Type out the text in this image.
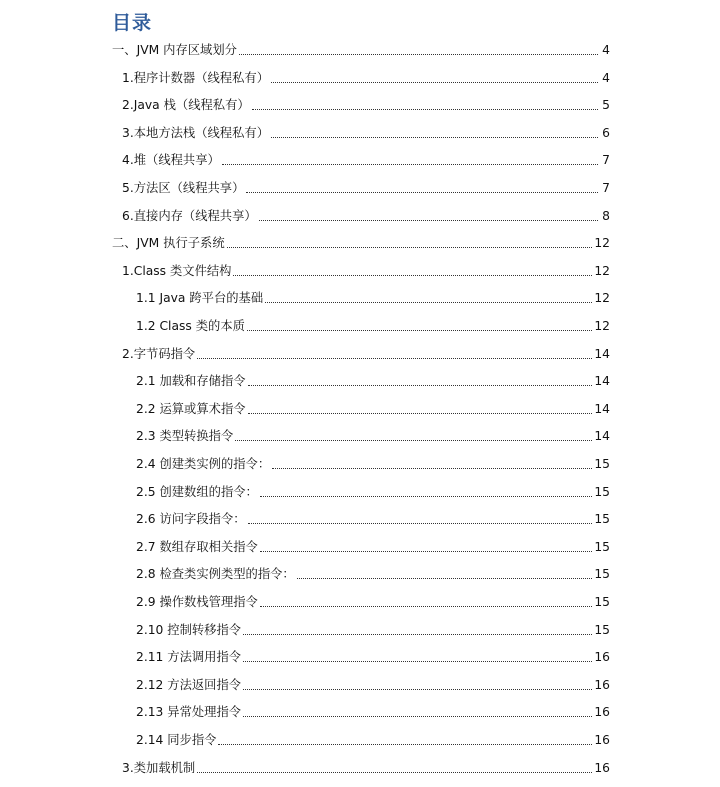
目录
一、JVM 内存区域划分	4
1.程序计数器（线程私有）	4
2.Java 栈（线程私有）	5
3.本地方法栈（线程私有）	6
4.堆（线程共享）	7
5.方法区（线程共享）	7
6.直接内存（线程共享）	8
二、JVM 执行子系统	12
1.Class 类文件结构	12
1.1 Java 跨平台的基础	12
1.2 Class 类的本质	12
2.字节码指令	14
2.1 加载和存储指令	14
2.2 运算或算术指令	14
2.3 类型转换指令	14
2.4 创建类实例的指令：	15
2.5 创建数组的指令：	15
2.6 访问字段指令：	15
2.7 数组存取相关指令	15
2.8 检查类实例类型的指令：	15
2.9 操作数栈管理指令	15
2.10 控制转移指令	15
2.11 方法调用指令	16
2.12 方法返回指令	16
2.13 异常处理指令	16
2.14 同步指令	16
3.类加载机制	16
